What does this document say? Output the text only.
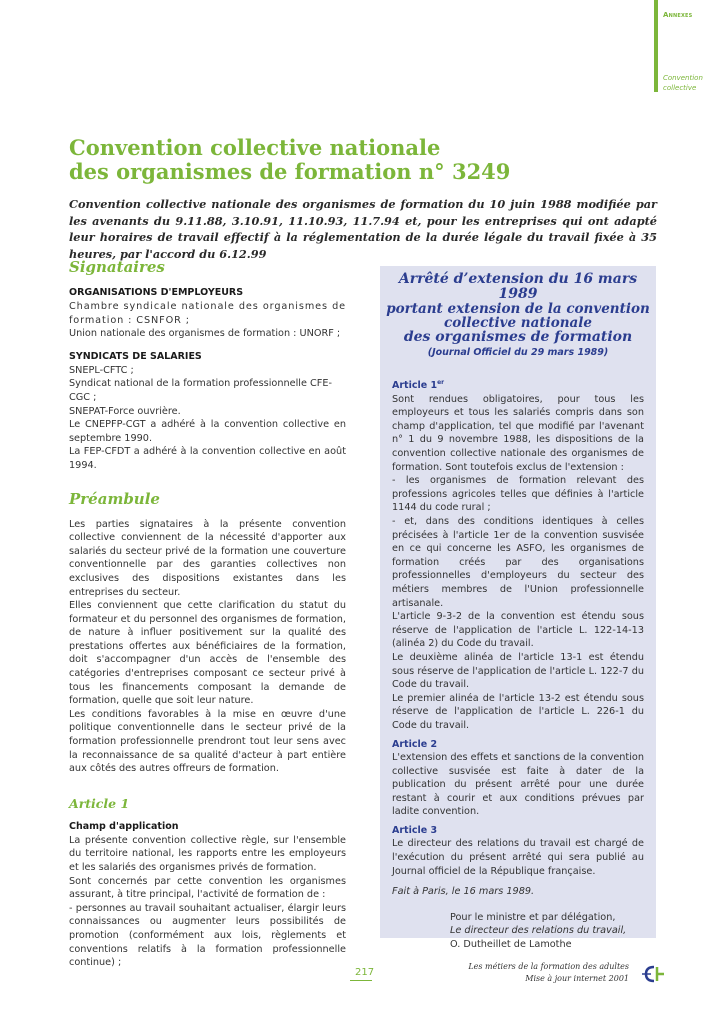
Annexes
Convention
collective
Convention collective nationale
des organismes de formation n° 3249

Convention collective nationale des organismes de formation du 10 juin 1988 modifiée par les avenants du 9.11.88, 3.10.91, 11.10.93, 11.7.94 et, pour les entreprises qui ont adapté leur horaires de travail effectif à la réglementation de la durée légale du travail fixée à 35 heures, par l'accord du 6.12.99

Signataires

ORGANISATIONS D'EMPLOYEURS

Chambre syndicale nationale des organismes de formation : CSNFOR ;

Union nationale des organismes de formation : UNORF ;

SYNDICATS DE SALARIES

SNEPL-CFTC ;

Syndicat national de la formation professionnelle CFE-CGC ;

SNEPAT-Force ouvrière.

Le CNEPFP-CGT a adhéré à la convention collective en septembre 1990.

La FEP-CFDT a adhéré à la convention collective en août 1994.

Préambule

Les parties signataires à la présente convention collective conviennent de la nécessité d'apporter aux salariés du secteur privé de la formation une couverture conventionnelle par des garanties collectives non exclusives des dispositions existantes dans les entreprises du secteur.

Elles conviennent que cette clarification du statut du formateur et du personnel des organismes de formation, de nature à influer positivement sur la qualité des prestations offertes aux bénéficiaires de la formation, doit s'accompagner d'un accès de l'ensemble des catégories d'entreprises composant ce secteur privé à tous les financements composant la demande de formation, quelle que soit leur nature.

Les conditions favorables à la mise en œuvre d'une politique conventionnelle dans le secteur privé de la formation professionnelle prendront tout leur sens avec la reconnaissance de sa qualité d'acteur à part entière aux côtés des autres offreurs de formation.

Article 1

Champ d'application

La présente convention collective règle, sur l'ensemble du territoire national, les rapports entre les employeurs et les salariés des organismes privés de formation.

Sont concernés par cette convention les organismes assurant, à titre principal, l'activité de formation de :

- personnes au travail souhaitant actualiser, élargir leurs connaissances ou augmenter leurs possibilités de promotion (conformément aux lois, règlements et conventions relatifs à la formation professionnelle continue) ;

Arrêté d’extension du 16 mars 1989
portant extension de la convention
collective nationale
des organismes de formation

(Journal Officiel du 29 mars 1989)

Article 1er

Sont rendues obligatoires, pour tous les employeurs et tous les salariés compris dans son champ d'application, tel que modifié par l'avenant n° 1 du 9 novembre 1988, les dispositions de la convention collective nationale des organismes de formation. Sont toutefois exclus de l'extension :

- les organismes de formation relevant des professions agricoles telles que définies à l'article 1144 du code rural ;

- et, dans des conditions identiques à celles précisées à l'article 1er de la convention susvisée en ce qui concerne les ASFO, les organismes de formation créés par des organisations professionnelles d'employeurs du secteur des métiers membres de l'Union professionnelle artisanale.

L'article 9-3-2 de la convention est étendu sous réserve de l'application de l'article L. 122-14-13 (alinéa 2) du Code du travail.

Le deuxième alinéa de l'article 13-1 est étendu sous réserve de l'application de l'article L. 122-7 du Code du travail.

Le premier alinéa de l'article 13-2 est étendu sous réserve de l'application de l'article L. 226-1 du Code du travail.

Article 2

L'extension des effets et sanctions de la convention collective susvisée est faite à dater de la publication du présent arrêté pour une durée restant à courir et aux conditions prévues par ladite convention.

Article 3

Le directeur des relations du travail est chargé de l'exécution du présent arrêté qui sera publié au Journal officiel de la République française.

Fait à Paris, le 16 mars 1989.

Pour le ministre et par délégation,

Le directeur des relations du travail,

O. Dutheillet de Lamothe

217
Les métiers de la formation des adultes
Mise à jour internet 2001
